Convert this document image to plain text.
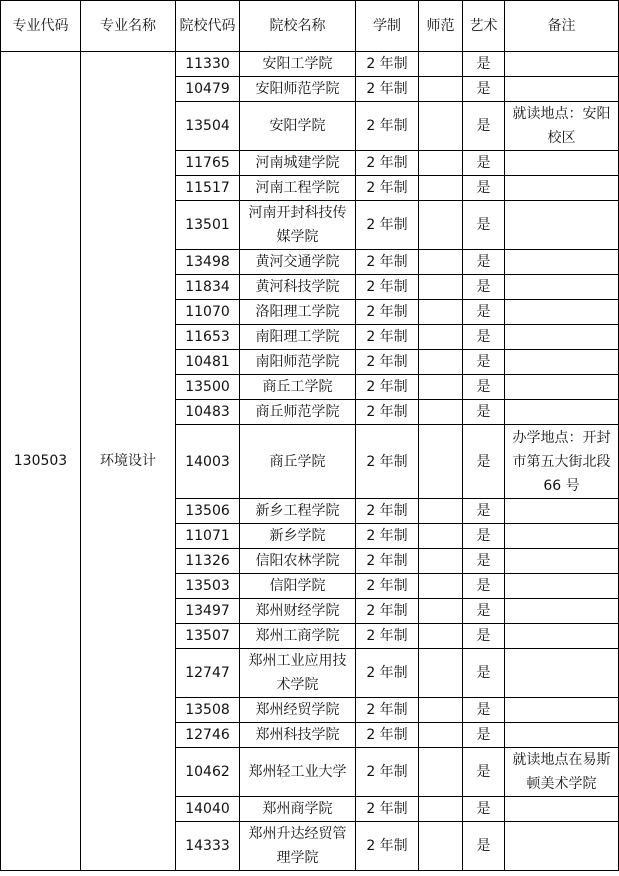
专业代码	专业名称	院校代码	院校名称	学制	师范	艺术	备注
130503	环境设计	11330	安阳工学院	2 年制		是	
		10479	安阳师范学院	2 年制		是	
		13504	安阳学院	2 年制		是	就读地点：安阳校区
		11765	河南城建学院	2 年制		是	
		11517	河南工程学院	2 年制		是	
		13501	河南开封科技传媒学院	2 年制		是	
		13498	黄河交通学院	2 年制		是	
		11834	黄河科技学院	2 年制		是	
		11070	洛阳理工学院	2 年制		是	
		11653	南阳理工学院	2 年制		是	
		10481	南阳师范学院	2 年制		是	
		13500	商丘工学院	2 年制		是	
		10483	商丘师范学院	2 年制		是	
		14003	商丘学院	2 年制		是	办学地点：开封市第五大街北段 66 号
		13506	新乡工程学院	2 年制		是	
		11071	新乡学院	2 年制		是	
		11326	信阳农林学院	2 年制		是	
		13503	信阳学院	2 年制		是	
		13497	郑州财经学院	2 年制		是	
		13507	郑州工商学院	2 年制		是	
		12747	郑州工业应用技术学院	2 年制		是	
		13508	郑州经贸学院	2 年制		是	
		12746	郑州科技学院	2 年制		是	
		10462	郑州轻工业大学	2 年制		是	就读地点在易斯顿美术学院
		14040	郑州商学院	2 年制		是	
		14333	郑州升达经贸管理学院	2 年制		是	
